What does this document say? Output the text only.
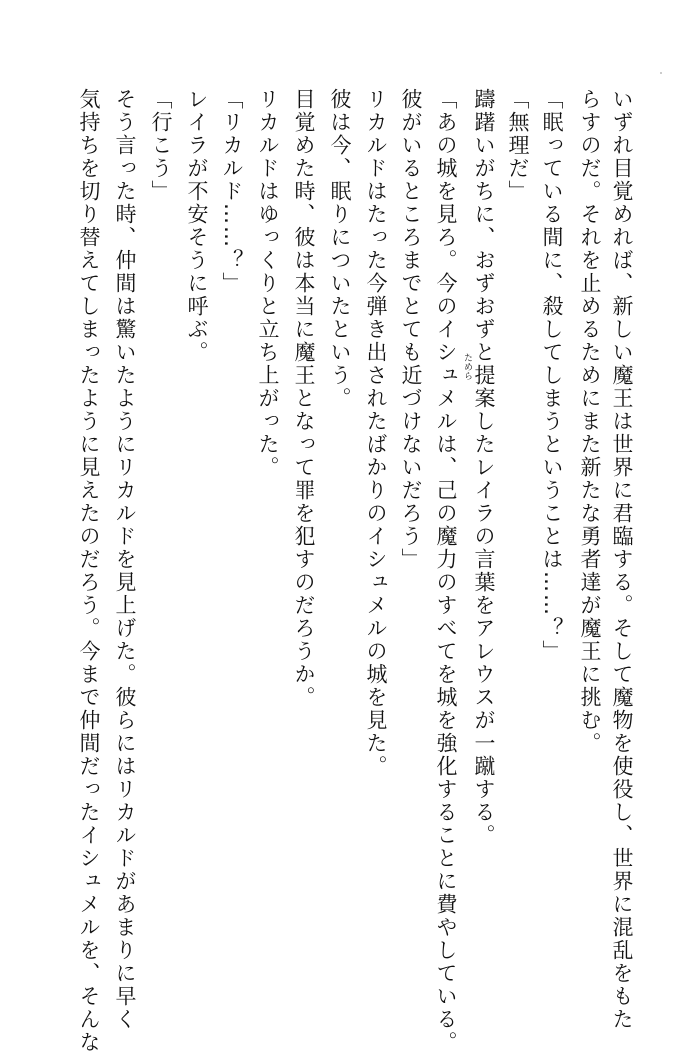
いずれ目覚めれば、新しい魔王は世界に君臨する。そして魔物を使役し、世界に混乱をもた
らすのだ。それを止めるためにまた新たな勇者達が魔王に挑む。
「眠っている間に、殺してしまうということは……？」
「無理だ」
躊躇いがちに、おずおずと提案したレイラの言葉をアレウスが一蹴する。
「あの城を見ろ。今のイシュメルは、己の魔力のすべてを城を強化することに費やしている。
彼がいるところまでとても近づけないだろう」
リカルドはたった今弾き出されたばかりのイシュメルの城を見た。
彼は今、眠りについたという。
目覚めた時、彼は本当に魔王となって罪を犯すのだろうか。
リカルドはゆっくりと立ち上がった。
「リカルド……？」
レイラが不安そうに呼ぶ。
「行こう」
そう言った時、仲間は驚いたようにリカルドを見上げた。彼らにはリカルドがあまりに早く
気持ちを切り替えてしまったように見えたのだろう。今まで仲間だったイシュメルを、そんな	ためら
